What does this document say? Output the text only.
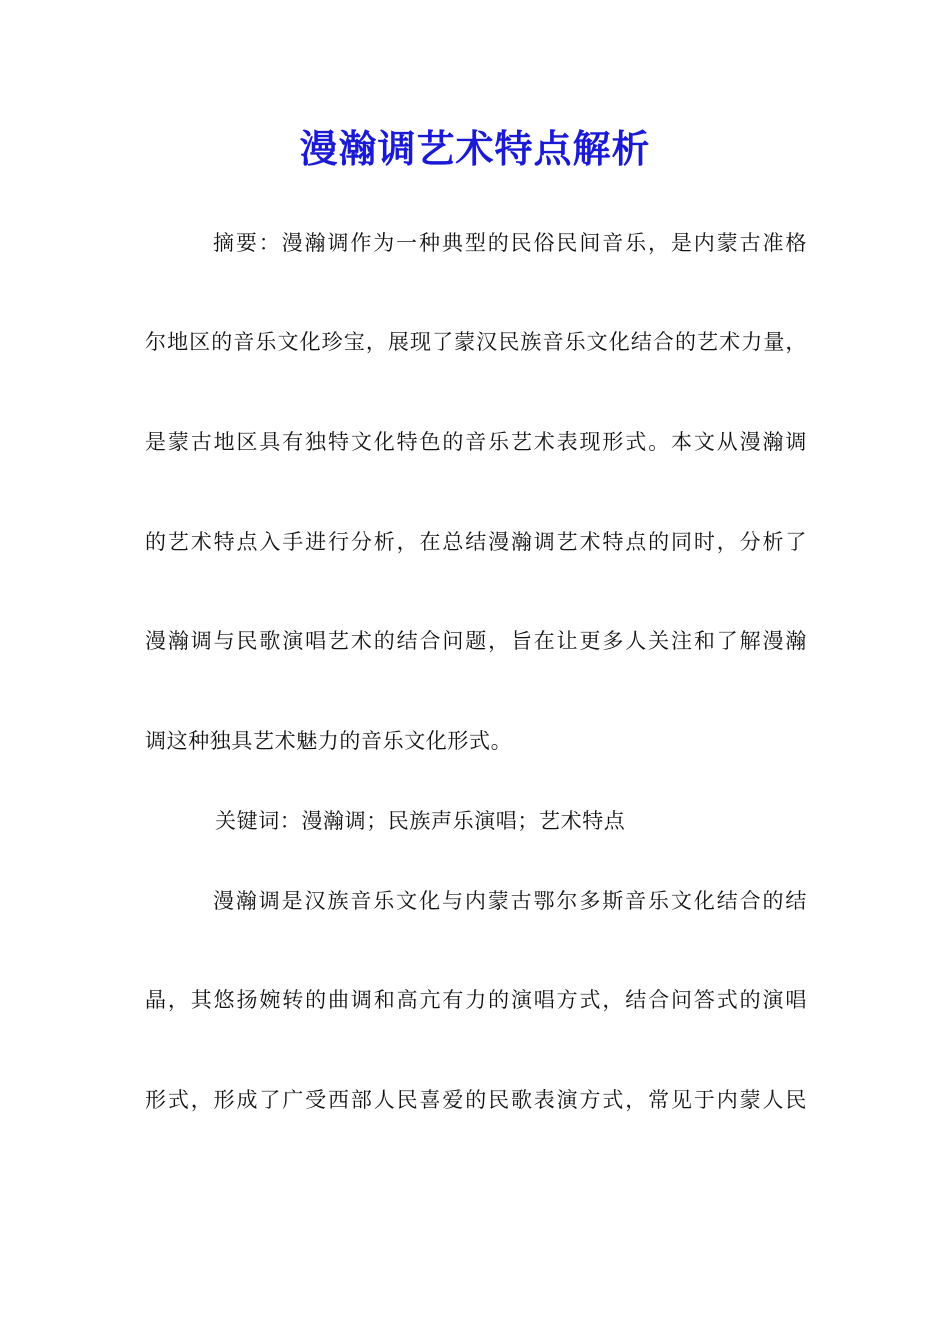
漫瀚调艺术特点解析
摘要：漫瀚调作为一种典型的民俗民间音乐，是内蒙古准格
尔地区的音乐文化珍宝，展现了蒙汉民族音乐文化结合的艺术力量，
是蒙古地区具有独特文化特色的音乐艺术表现形式。本文从漫瀚调
的艺术特点入手进行分析，在总结漫瀚调艺术特点的同时，分析了
漫瀚调与民歌演唱艺术的结合问题，旨在让更多人关注和了解漫瀚
调这种独具艺术魅力的音乐文化形式。
关键词：漫瀚调；民族声乐演唱；艺术特点
漫瀚调是汉族音乐文化与内蒙古鄂尔多斯音乐文化结合的结
晶，其悠扬婉转的曲调和高亢有力的演唱方式，结合问答式的演唱
形式，形成了广受西部人民喜爱的民歌表演方式，常见于内蒙人民
